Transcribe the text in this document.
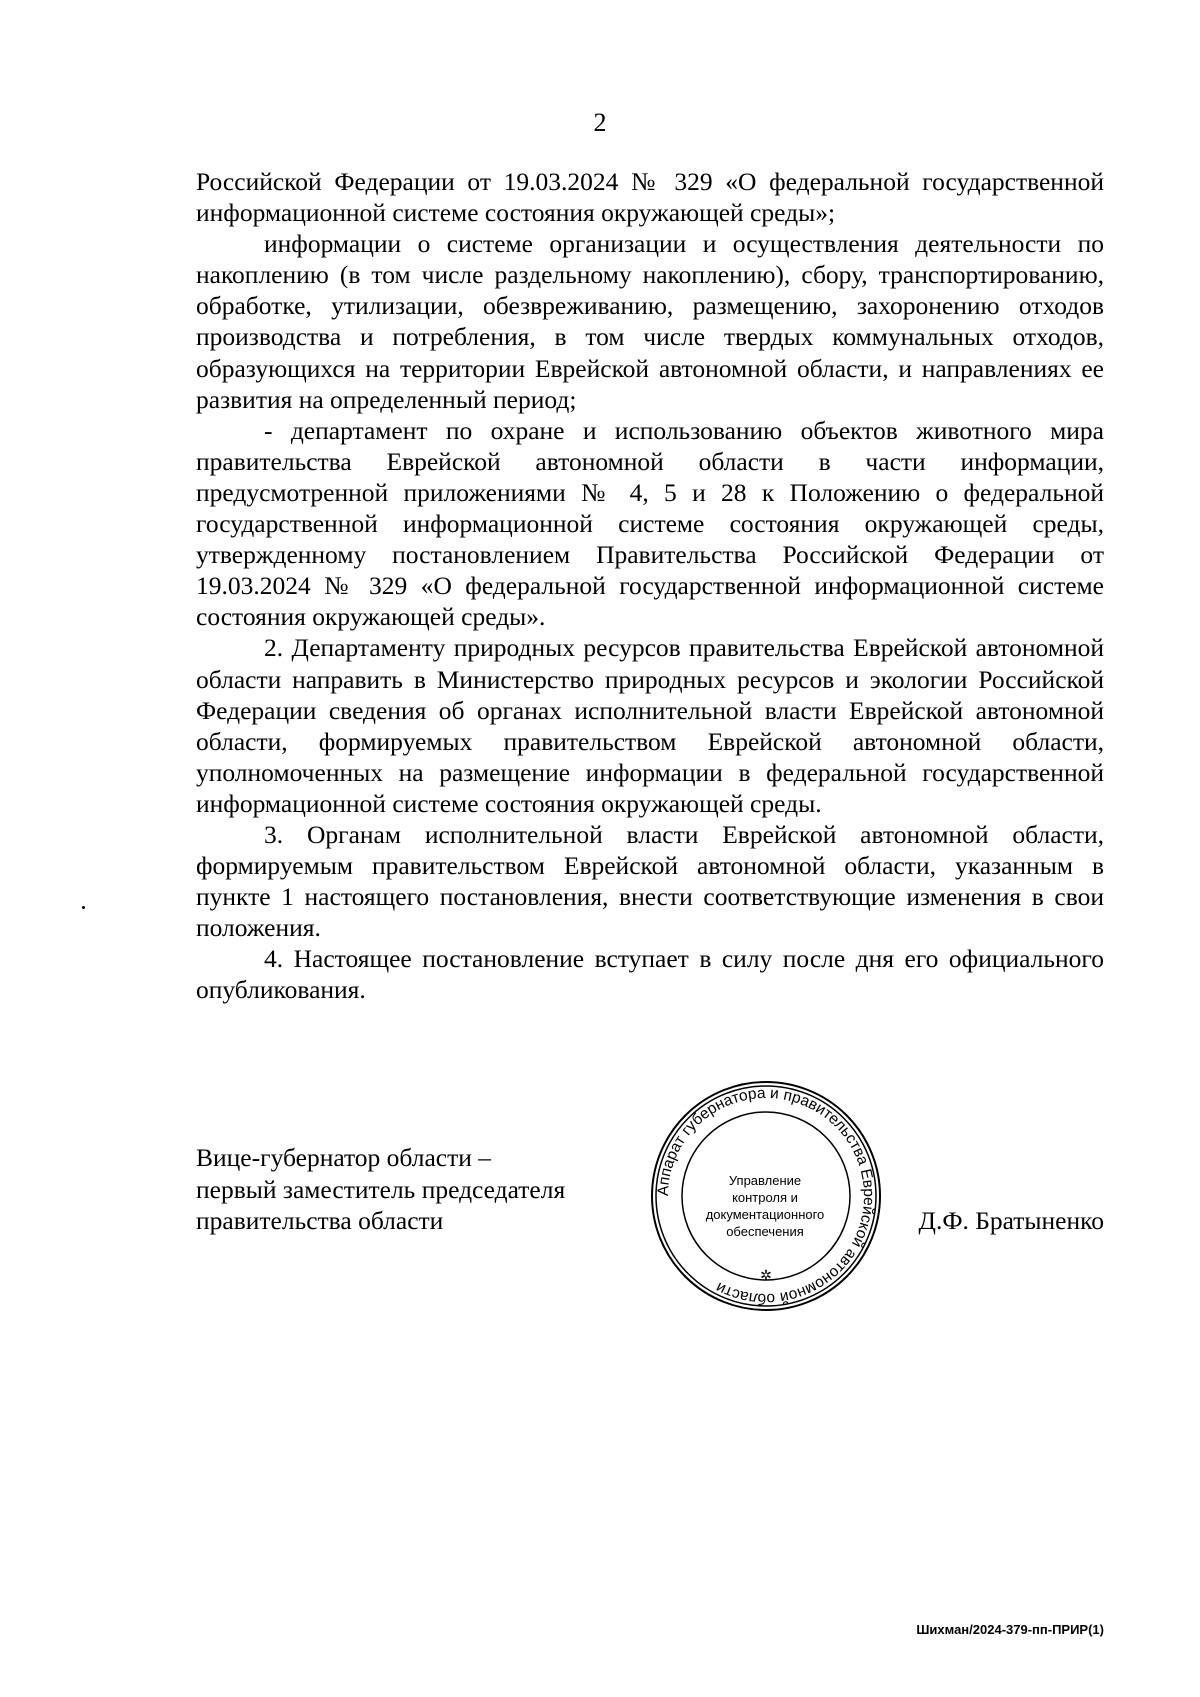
2

Российской Федерации от 19.03.2024 № 329 «О федеральной государственной информационной системе состояния окружающей среды»;

информации о системе организации и осуществления деятельности по накоплению (в том числе раздельному накоплению), сбору, транспортированию, обработке, утилизации, обезвреживанию, размещению, захоронению отходов производства и потребления, в том числе твердых коммунальных отходов, образующихся на территории Еврейской автономной области, и направлениях ее развития на определенный период;

- департамент по охране и использованию объектов животного мира правительства Еврейской автономной области в части информации, предусмотренной приложениями № 4, 5 и 28 к Положению о федеральной государственной информационной системе состояния окружающей среды, утвержденному постановлением Правительства Российской Федерации от 19.03.2024 № 329 «О федеральной государственной информационной системе состояния окружающей среды».

2. Департаменту природных ресурсов правительства Еврейской автономной области направить в Министерство природных ресурсов и экологии Российской Федерации сведения об органах исполнительной власти Еврейской автономной области, формируемых правительством Еврейской автономной области, уполномоченных на размещение информации в федеральной государственной информационной системе состояния окружающей среды.

3. Органам исполнительной власти Еврейской автономной области, формируемым правительством Еврейской автономной области, указанным в пункте 1 настоящего постановления, внести соответствующие изменения в свои положения.

4. Настоящее постановление вступает в силу после дня его официального опубликования.

Вице-губернатор области –
первый заместитель председателя
правительства области
Аппарат губернатора и правительства Еврейской автономной области
✲
Управление контроля и
документационного
обеспечения	Д.Ф. Братыненко
Шихман/2024-379-пп-ПРИР(1)
